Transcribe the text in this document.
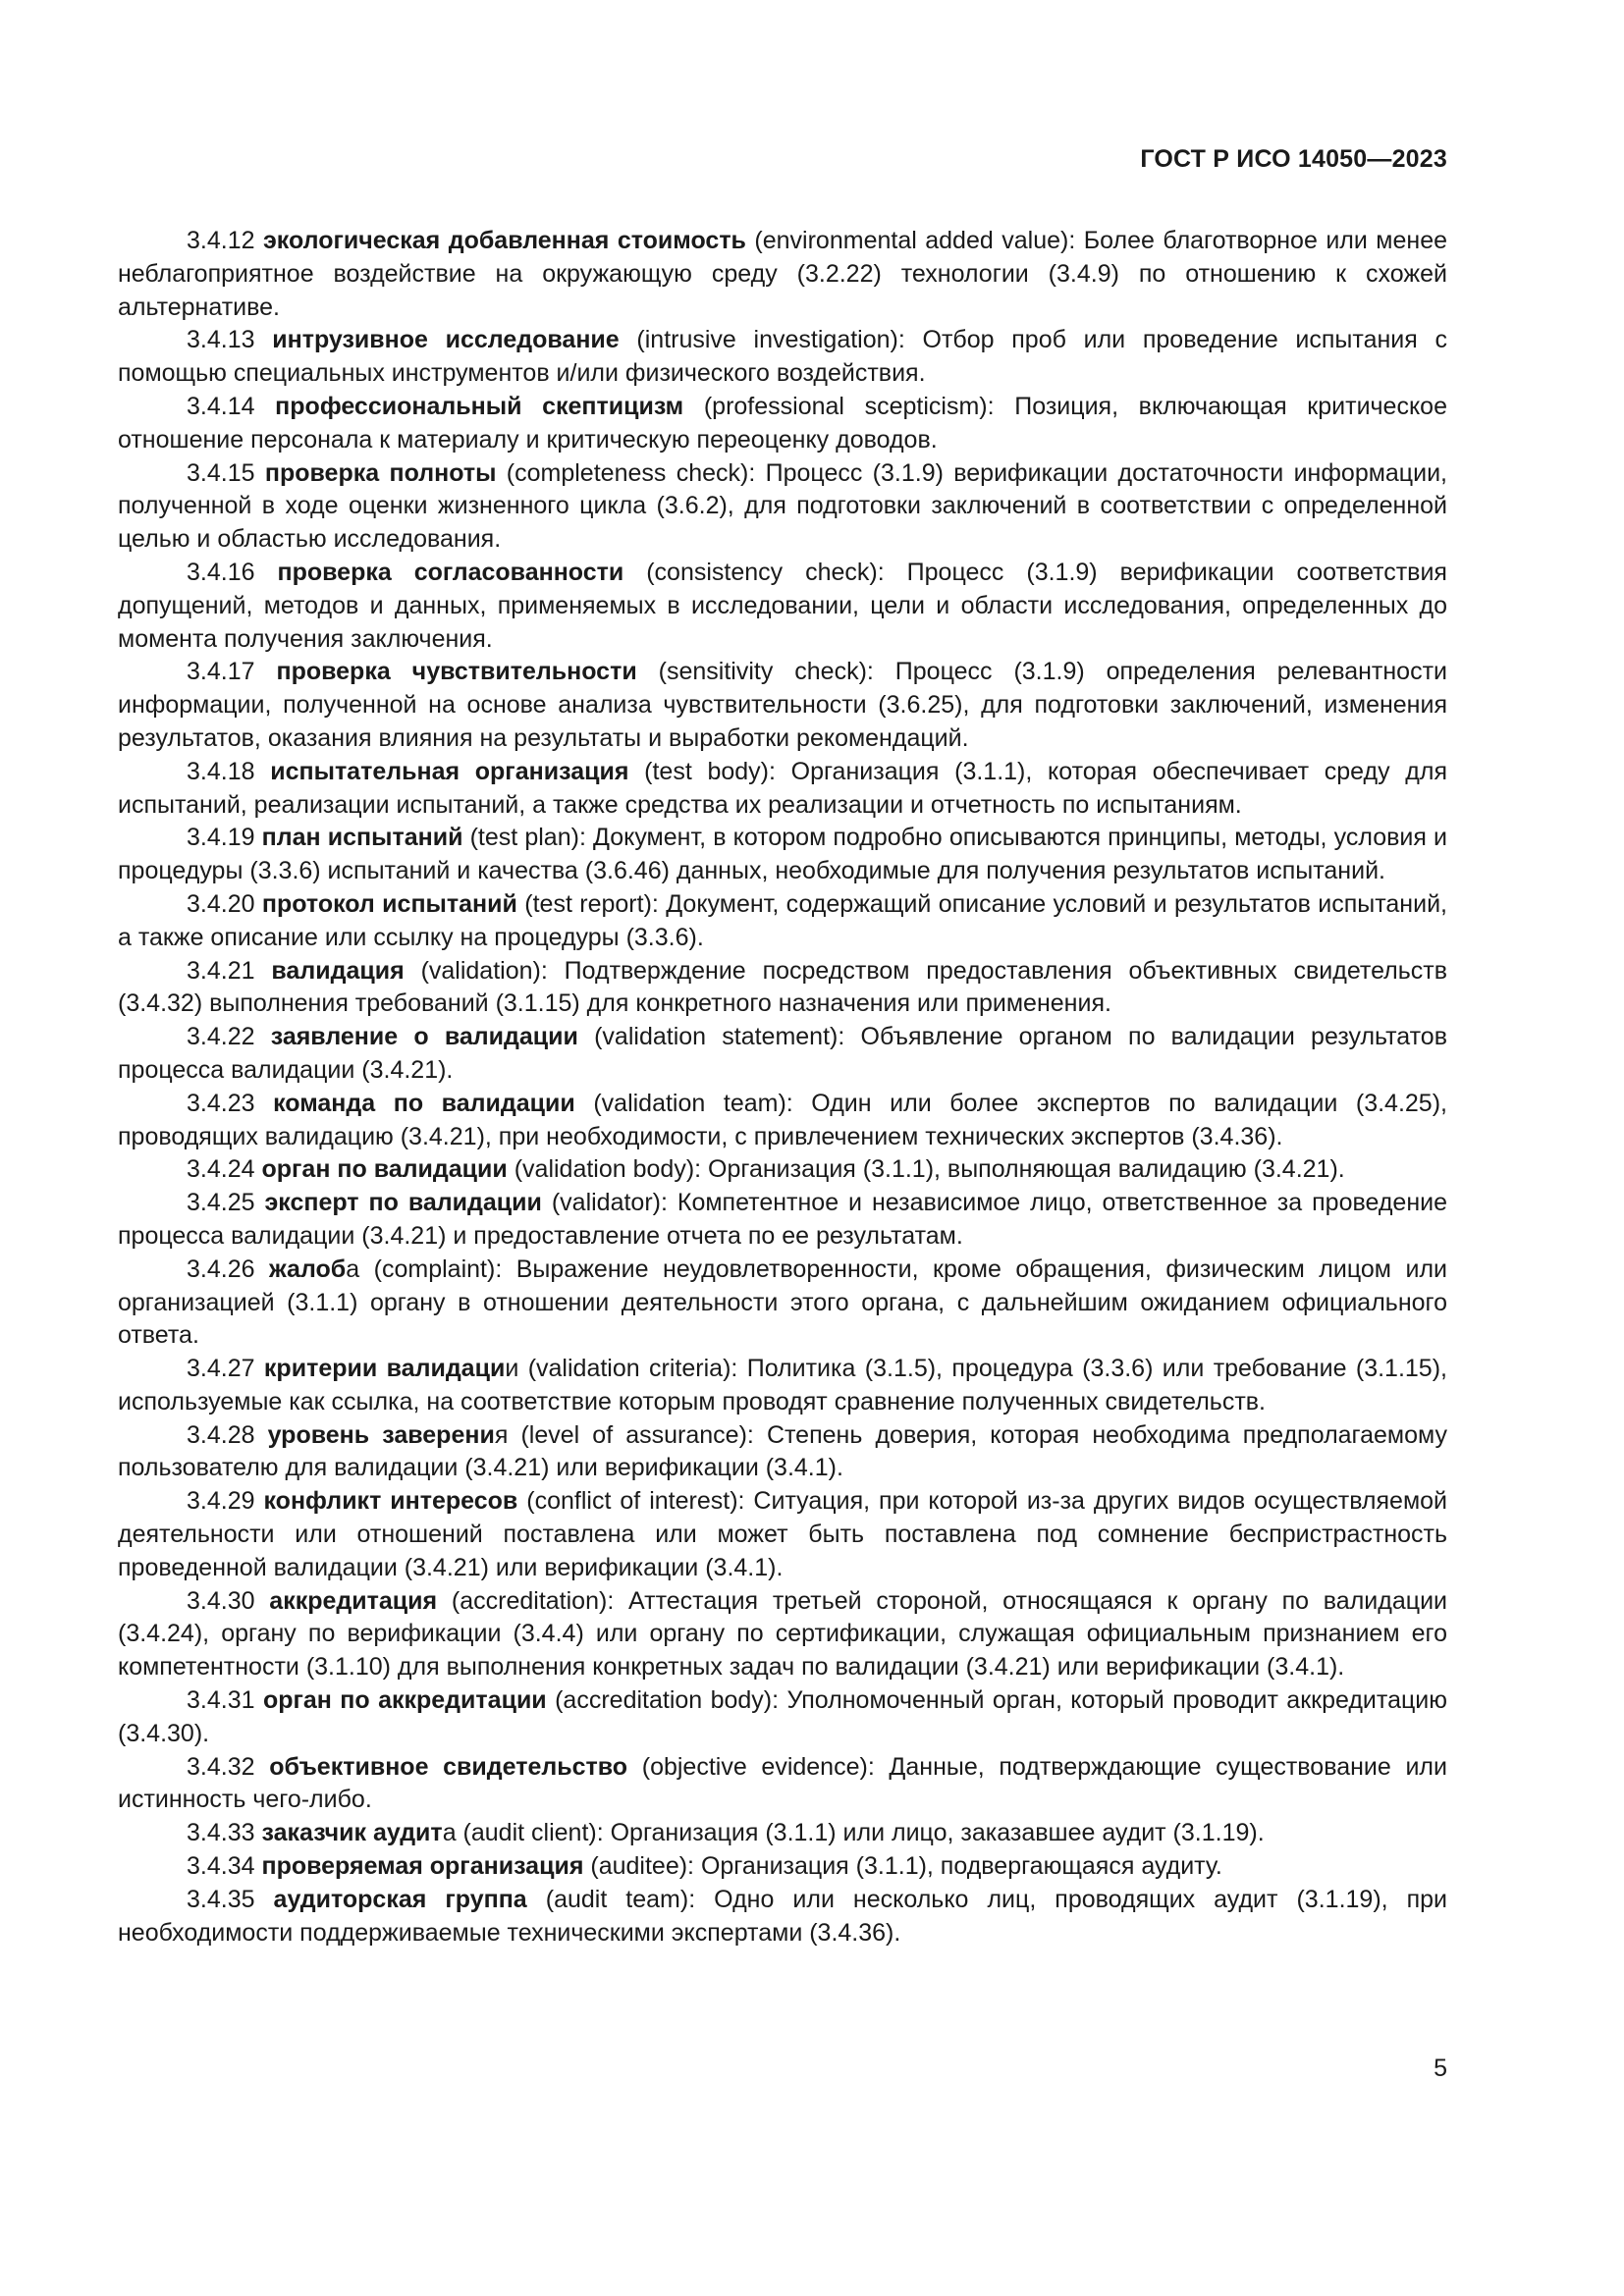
ГОСТ Р ИСО 14050—2023

3.4.12 экологическая добавленная стоимость (environmental added value): Более благотворное или менее неблагоприятное воздействие на окружающую среду (3.2.22) технологии (3.4.9) по отношению к схожей альтернативе.

3.4.13 интрузивное исследование (intrusive investigation): Отбор проб или проведение испытания с помощью специальных инструментов и/или физического воздействия.

3.4.14 профессиональный скептицизм (professional scepticism): Позиция, включающая критическое отношение персонала к материалу и критическую переоценку доводов.

3.4.15 проверка полноты (completeness check): Процесс (3.1.9) верификации достаточности информации, полученной в ходе оценки жизненного цикла (3.6.2), для подготовки заключений в соответствии с определенной целью и областью исследования.

3.4.16 проверка согласованности (consistency check): Процесс (3.1.9) верификации соответствия допущений, методов и данных, применяемых в исследовании, цели и области исследования, определенных до момента получения заключения.

3.4.17 проверка чувствительности (sensitivity check): Процесс (3.1.9) определения релевантности информации, полученной на основе анализа чувствительности (3.6.25), для подготовки заключений, изменения результатов, оказания влияния на результаты и выработки рекомендаций.

3.4.18 испытательная организация (test body): Организация (3.1.1), которая обеспечивает среду для испытаний, реализации испытаний, а также средства их реализации и отчетность по испытаниям.

3.4.19 план испытаний (test plan): Документ, в котором подробно описываются принципы, методы, условия и процедуры (3.3.6) испытаний и качества (3.6.46) данных, необходимые для получения результатов испытаний.

3.4.20 протокол испытаний (test report): Документ, содержащий описание условий и результатов испытаний, а также описание или ссылку на процедуры (3.3.6).

3.4.21 валидация (validation): Подтверждение посредством предоставления объективных свидетельств (3.4.32) выполнения требований (3.1.15) для конкретного назначения или применения.

3.4.22 заявление о валидации (validation statement): Объявление органом по валидации результатов процесса валидации (3.4.21).

3.4.23 команда по валидации (validation team): Один или более экспертов по валидации (3.4.25), проводящих валидацию (3.4.21), при необходимости, с привлечением технических экспертов (3.4.36).

3.4.24 орган по валидации (validation body): Организация (3.1.1), выполняющая валидацию (3.4.21).

3.4.25 эксперт по валидации (validator): Компетентное и независимое лицо, ответственное за проведение процесса валидации (3.4.21) и предоставление отчета по ее результатам.

3.4.26 жалоба (complaint): Выражение неудовлетворенности, кроме обращения, физическим лицом или организацией (3.1.1) органу в отношении деятельности этого органа, с дальнейшим ожиданием официального ответа.

3.4.27 критерии валидации (validation criteria): Политика (3.1.5), процедура (3.3.6) или требование (3.1.15), используемые как ссылка, на соответствие которым проводят сравнение полученных свидетельств.

3.4.28 уровень заверения (level of assurance): Степень доверия, которая необходима предполагаемому пользователю для валидации (3.4.21) или верификации (3.4.1).

3.4.29 конфликт интересов (conflict of interest): Ситуация, при которой из-за других видов осуществляемой деятельности или отношений поставлена или может быть поставлена под сомнение беспристрастность проведенной валидации (3.4.21) или верификации (3.4.1).

3.4.30 аккредитация (accreditation): Аттестация третьей стороной, относящаяся к органу по валидации (3.4.24), органу по верификации (3.4.4) или органу по сертификации, служащая официальным признанием его компетентности (3.1.10) для выполнения конкретных задач по валидации (3.4.21) или верификации (3.4.1).

3.4.31 орган по аккредитации (accreditation body): Уполномоченный орган, который проводит аккредитацию (3.4.30).

3.4.32 объективное свидетельство (objective evidence): Данные, подтверждающие существование или истинность чего-либо.

3.4.33 заказчик аудита (audit client): Организация (3.1.1) или лицо, заказавшее аудит (3.1.19).

3.4.34 проверяемая организация (auditee): Организация (3.1.1), подвергающаяся аудиту.

3.4.35 аудиторская группа (audit team): Одно или несколько лиц, проводящих аудит (3.1.19), при необходимости поддерживаемые техническими экспертами (3.4.36).

5
